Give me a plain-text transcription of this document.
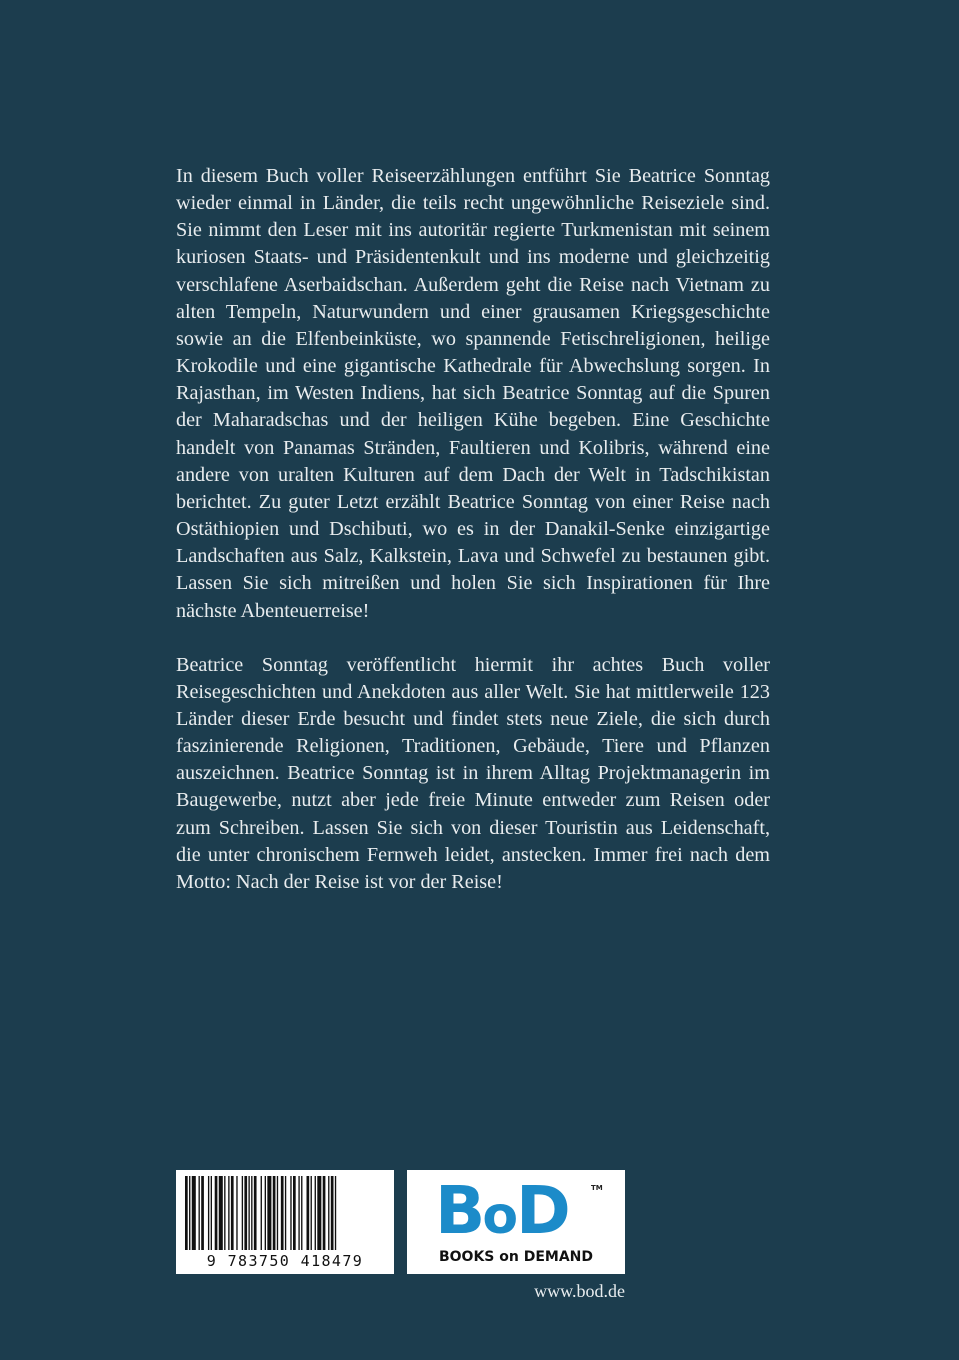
In diesem Buch voller Reiseerzählungen entführt Sie Beatrice Sonntag wieder einmal in Länder, die teils recht ungewöhnliche Reiseziele sind. Sie nimmt den Leser mit ins autoritär regierte Turkmenistan mit seinem kuriosen Staats- und Präsidentenkult und ins moderne und gleichzeitig verschlafene Aserbaidschan. Außerdem geht die Reise nach Vietnam zu alten Tempeln, Naturwundern und einer grausamen Kriegsgeschichte sowie an die Elfenbeinküste, wo spannende Fetischreligionen, heilige Krokodile und eine gigantische Kathedrale für Abwechslung sorgen. In Rajasthan, im Westen Indiens, hat sich Beatrice Sonntag auf die Spuren der Maharadschas und der heiligen Kühe begeben. Eine Geschichte handelt von Panamas Stränden, Faultieren und Kolibris, während eine andere von uralten Kulturen auf dem Dach der Welt in Tadschikistan berichtet. Zu guter Letzt erzählt Beatrice Sonntag von einer Reise nach Ostäthiopien und Dschibuti, wo es in der Danakil-Senke einzigartige Landschaften aus Salz, Kalkstein, Lava und Schwefel zu bestaunen gibt. Lassen Sie sich mitreißen und holen Sie sich Inspirationen für Ihre nächste Abenteuerreise!

Beatrice Sonntag veröffentlicht hiermit ihr achtes Buch voller Reisegeschichten und Anekdoten aus aller Welt. Sie hat mittlerweile 123 Länder dieser Erde besucht und findet stets neue Ziele, die sich durch faszinierende Religionen, Traditionen, Gebäude, Tiere und Pflanzen auszeichnen. Beatrice Sonntag ist in ihrem Alltag Projektmanagerin im Baugewerbe, nutzt aber jede freie Minute entweder zum Reisen oder zum Schreiben. Lassen Sie sich von dieser Touristin aus Leidenschaft, die unter chronischem Fernweh leidet, anstecken. Immer frei nach dem Motto: Nach der Reise ist vor der Reise!

9 783750 418479
BoD	TM
BOOKS on DEMAND
www.bod.de
